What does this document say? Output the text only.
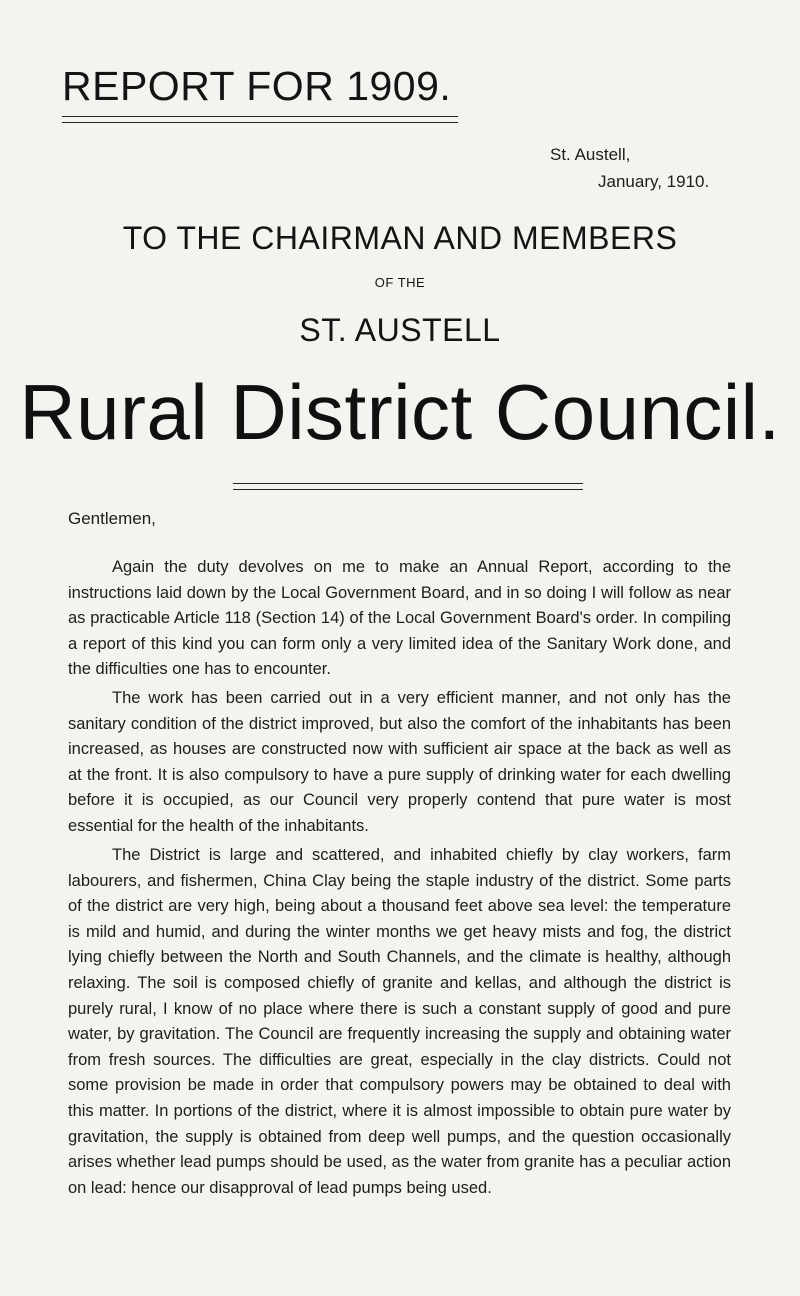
REPORT FOR 1909.
St. Austell,
January, 1910.
TO THE CHAIRMAN AND MEMBERS
OF THE
ST. AUSTELL
Rural District Council.
Gentlemen,

Again the duty devolves on me to make an Annual Report, according to the instructions laid down by the Local Government Board, and in so doing I will follow as near as practicable Article 118 (Section 14) of the Local Government Board's order. In compiling a report of this kind you can form only a very limited idea of the Sanitary Work done, and the difficulties one has to encounter.

The work has been carried out in a very efficient manner, and not only has the sanitary condition of the district improved, but also the comfort of the inhabitants has been increased, as houses are constructed now with sufficient air space at the back as well as at the front. It is also compulsory to have a pure supply of drinking water for each dwelling before it is occupied, as our Council very properly contend that pure water is most essential for the health of the inhabitants.

The District is large and scattered, and inhabited chiefly by clay workers, farm labourers, and fishermen, China Clay being the staple industry of the district. Some parts of the district are very high, being about a thousand feet above sea level: the temperature is mild and humid, and during the winter months we get heavy mists and fog, the district lying chiefly between the North and South Channels, and the climate is healthy, although relaxing. The soil is composed chiefly of granite and kellas, and although the district is purely rural, I know of no place where there is such a constant supply of good and pure water, by gravitation. The Council are frequently increasing the supply and obtaining water from fresh sources. The difficulties are great, especially in the clay districts. Could not some provision be made in order that compulsory powers may be obtained to deal with this matter. In portions of the district, where it is almost impossible to obtain pure water by gravitation, the supply is obtained from deep well pumps, and the question occasionally arises whether lead pumps should be used, as the water from granite has a peculiar action on lead: hence our disapproval of lead pumps being used.
